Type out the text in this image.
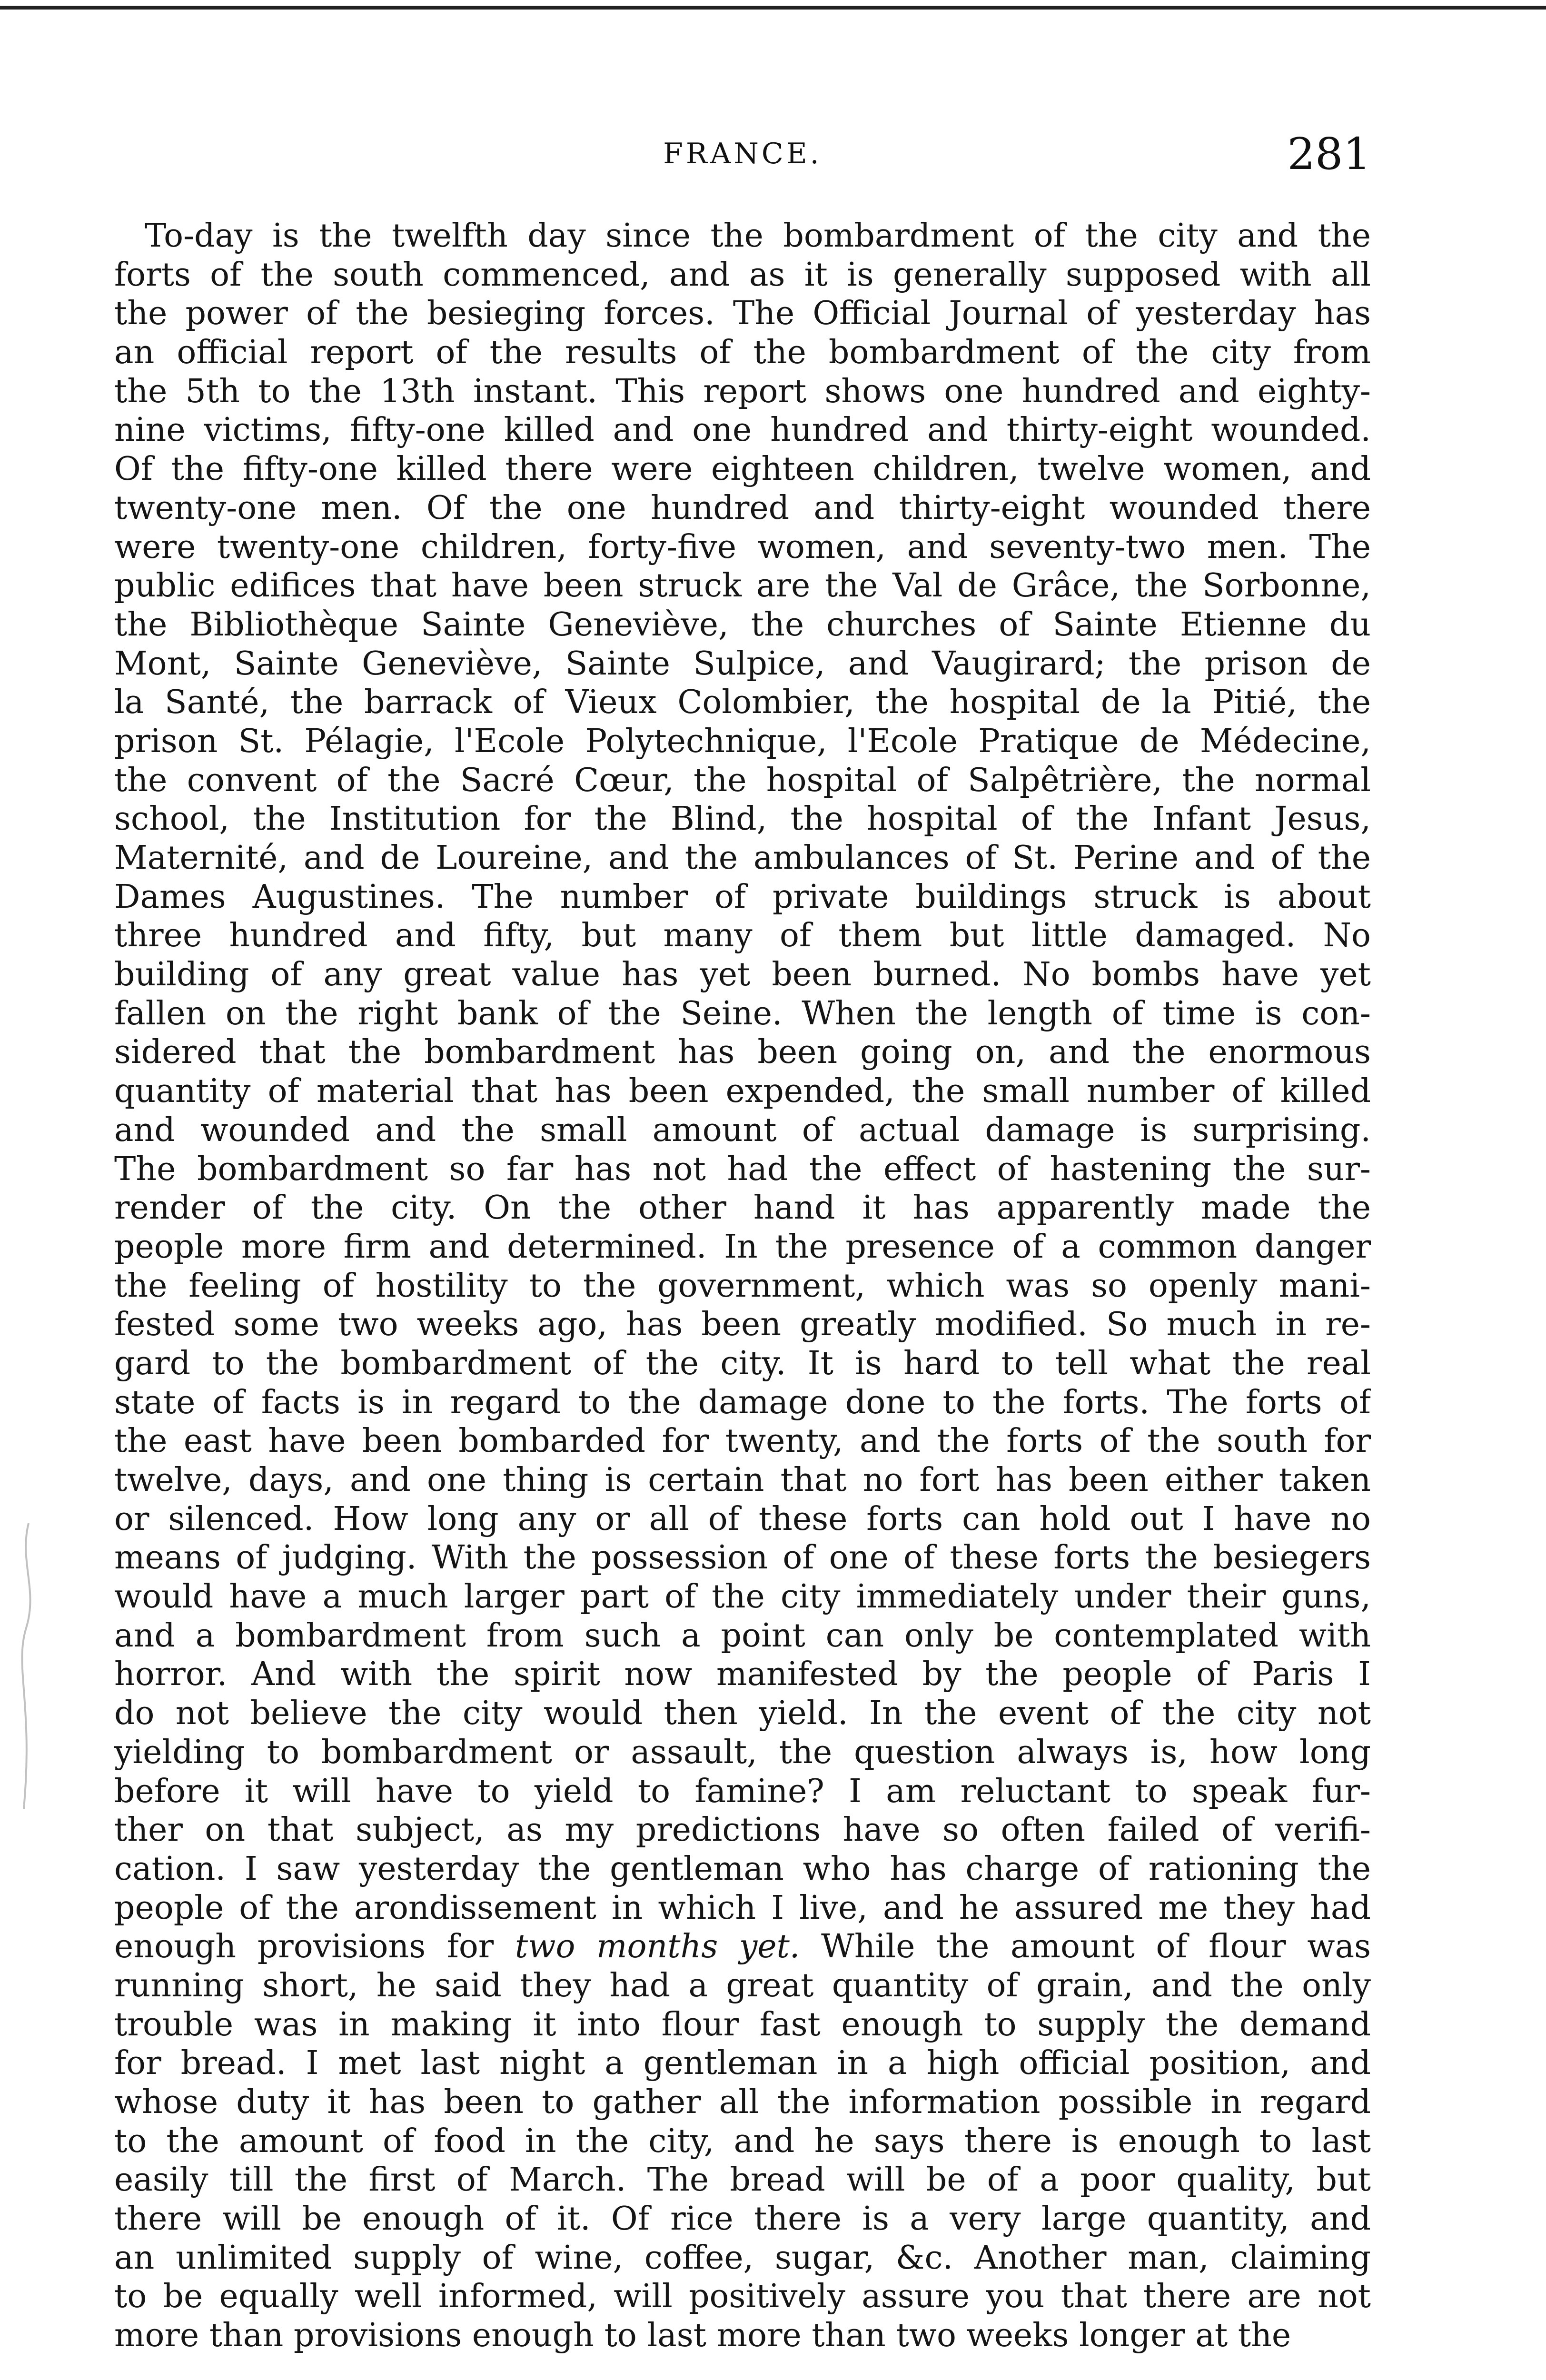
FRANCE.	281
To-day is the twelfth day since the bombardment of the city and the
forts of the south commenced, and as it is generally supposed with all
the power of the besieging forces. The Official Journal of yesterday has
an official report of the results of the bombardment of the city from
the 5th to the 13th instant. This report shows one hundred and eighty-
nine victims, fifty-one killed and one hundred and thirty-eight wounded.
Of the fifty-one killed there were eighteen children, twelve women, and
twenty-one men. Of the one hundred and thirty-eight wounded there
were twenty-one children, forty-five women, and seventy-two men. The
public edifices that have been struck are the Val de Grâce, the Sorbonne,
the Bibliothèque Sainte Geneviève, the churches of Sainte Etienne du
Mont, Sainte Geneviève, Sainte Sulpice, and Vaugirard; the prison de
la Santé, the barrack of Vieux Colombier, the hospital de la Pitié, the
prison St. Pélagie, l'Ecole Polytechnique, l'Ecole Pratique de Médecine,
the convent of the Sacré Cœur, the hospital of Salpêtrière, the normal
school, the Institution for the Blind, the hospital of the Infant Jesus,
Maternité, and de Loureine, and the ambulances of St. Perine and of the
Dames Augustines. The number of private buildings struck is about
three hundred and fifty, but many of them but little damaged. No
building of any great value has yet been burned. No bombs have yet
fallen on the right bank of the Seine. When the length of time is con-
sidered that the bombardment has been going on, and the enormous
quantity of material that has been expended, the small number of killed
and wounded and the small amount of actual damage is surprising.
The bombardment so far has not had the effect of hastening the sur-
render of the city. On the other hand it has apparently made the
people more firm and determined. In the presence of a common danger
the feeling of hostility to the government, which was so openly mani-
fested some two weeks ago, has been greatly modified. So much in re-
gard to the bombardment of the city. It is hard to tell what the real
state of facts is in regard to the damage done to the forts. The forts of
the east have been bombarded for twenty, and the forts of the south for
twelve, days, and one thing is certain that no fort has been either taken
or silenced. How long any or all of these forts can hold out I have no
means of judging. With the possession of one of these forts the besiegers
would have a much larger part of the city immediately under their guns,
and a bombardment from such a point can only be contemplated with
horror. And with the spirit now manifested by the people of Paris I
do not believe the city would then yield. In the event of the city not
yielding to bombardment or assault, the question always is, how long
before it will have to yield to famine? I am reluctant to speak fur-
ther on that subject, as my predictions have so often failed of verifi-
cation. I saw yesterday the gentleman who has charge of rationing the
people of the arondissement in which I live, and he assured me they had
enough provisions for two months yet. While the amount of flour was
running short, he said they had a great quantity of grain, and the only
trouble was in making it into flour fast enough to supply the demand
for bread. I met last night a gentleman in a high official position, and
whose duty it has been to gather all the information possible in regard
to the amount of food in the city, and he says there is enough to last
easily till the first of March. The bread will be of a poor quality, but
there will be enough of it. Of rice there is a very large quantity, and
an unlimited supply of wine, coffee, sugar, &c. Another man, claiming
to be equally well informed, will positively assure you that there are not
more than provisions enough to last more than two weeks longer at the
